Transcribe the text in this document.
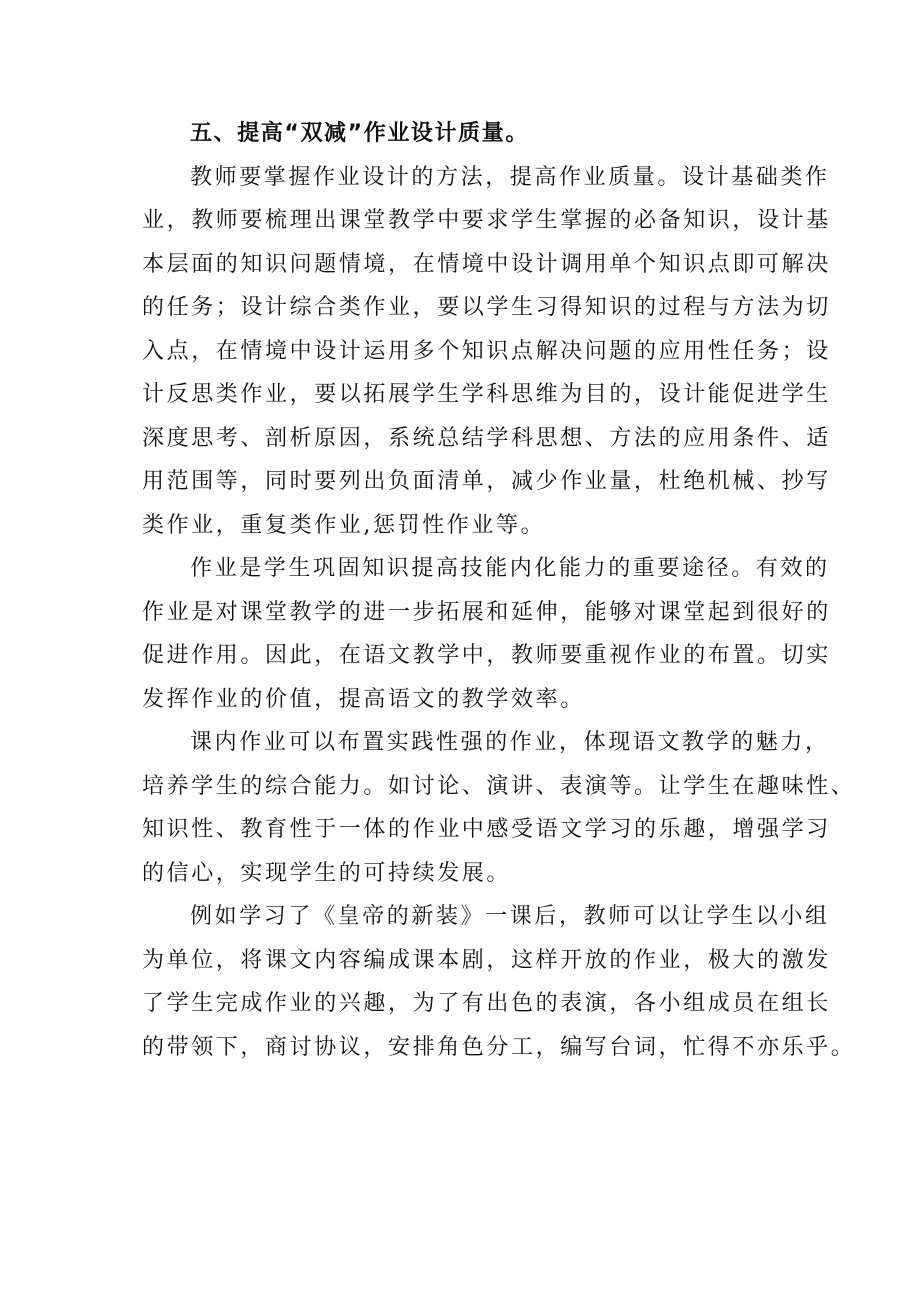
五、提高“双减”作业设计质量。

教师要掌握作业设计的方法，提高作业质量。设计基础类作
业，教师要梳理出课堂教学中要求学生掌握的必备知识，设计基
本层面的知识问题情境，在情境中设计调用单个知识点即可解决
的任务；设计综合类作业，要以学生习得知识的过程与方法为切
入点，在情境中设计运用多个知识点解决问题的应用性任务；设
计反思类作业，要以拓展学生学科思维为目的，设计能促进学生
深度思考、剖析原因，系统总结学科思想、方法的应用条件、适
用范围等，同时要列出负面清单，减少作业量，杜绝机械、抄写
类作业，重复类作业,惩罚性作业等。

作业是学生巩固知识提高技能内化能力的重要途径。有效的
作业是对课堂教学的进一步拓展和延伸，能够对课堂起到很好的
促进作用。因此，在语文教学中，教师要重视作业的布置。切实
发挥作业的价值，提高语文的教学效率。

课内作业可以布置实践性强的作业，体现语文教学的魅力，
培养学生的综合能力。如讨论、演讲、表演等。让学生在趣味性、
知识性、教育性于一体的作业中感受语文学习的乐趣，增强学习
的信心，实现学生的可持续发展。

例如学习了《皇帝的新装》一课后，教师可以让学生以小组
为单位，将课文内容编成课本剧，这样开放的作业，极大的激发
了学生完成作业的兴趣，为了有出色的表演，各小组成员在组长
的带领下，商讨协议，安排角色分工，编写台词，忙得不亦乐乎。
